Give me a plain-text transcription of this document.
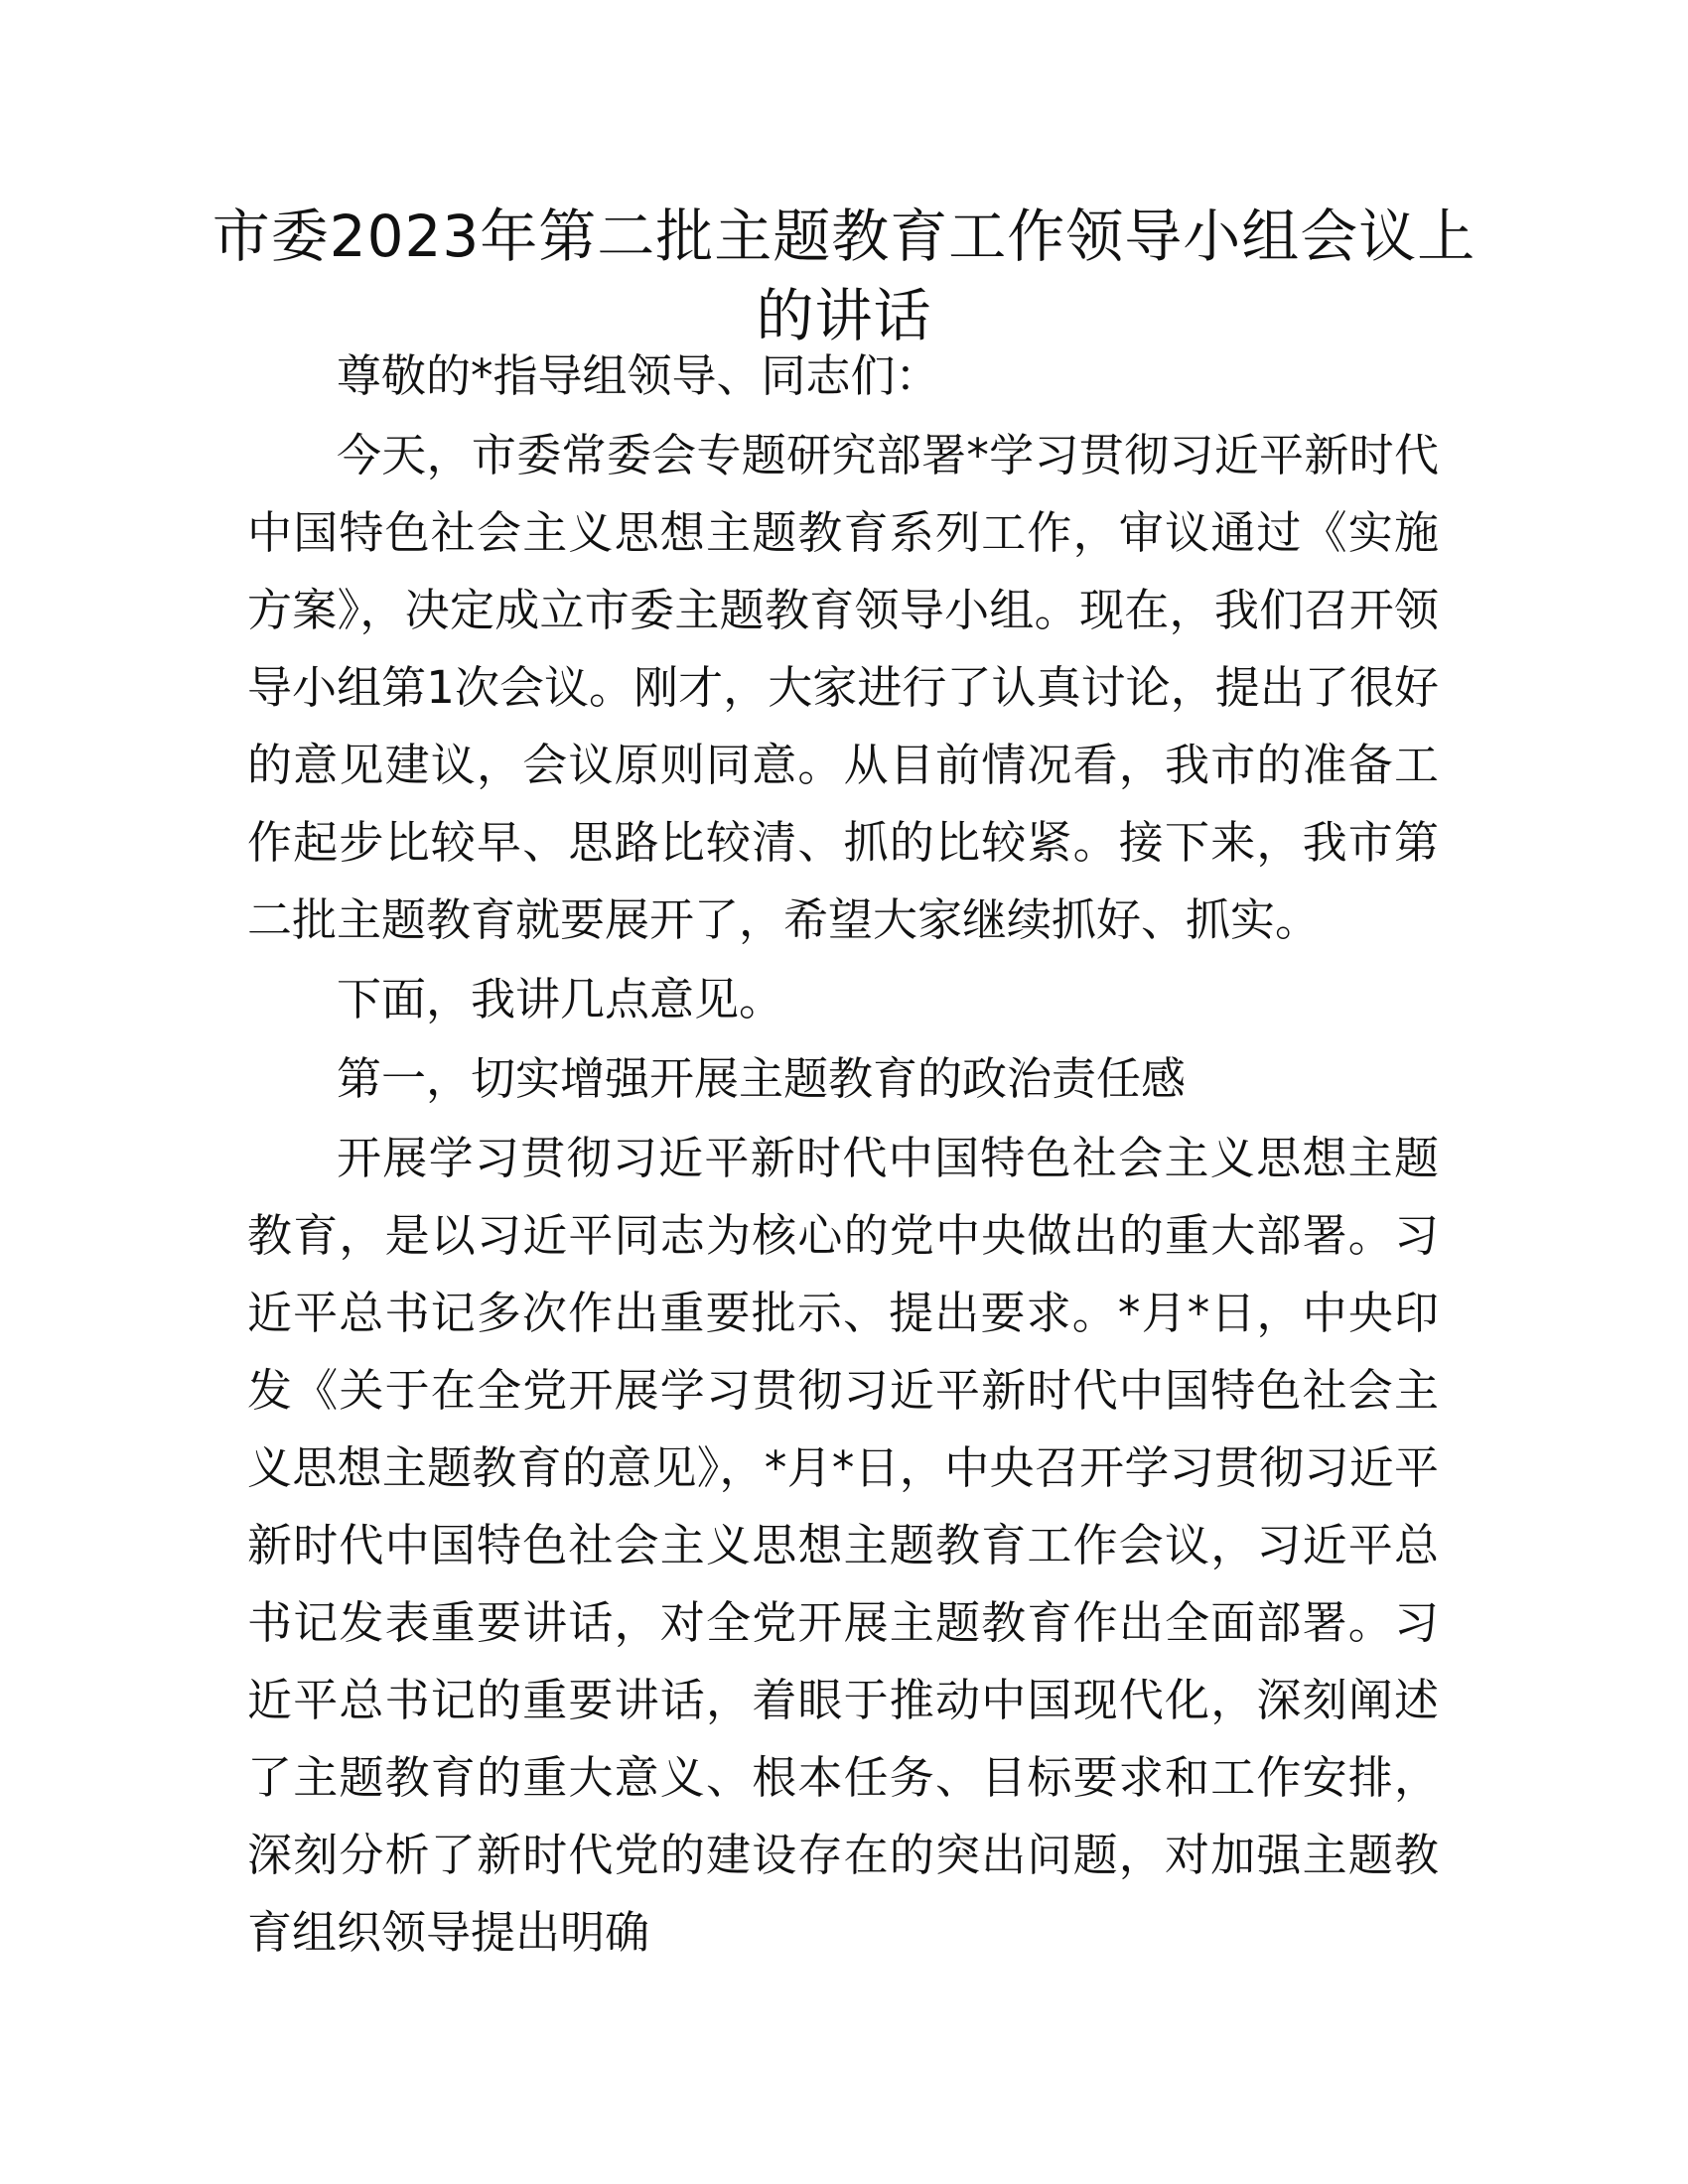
市委2023年第二批主题教育工作领导小组会议上的讲话

尊敬的*指导组领导、同志们：

今天，市委常委会专题研究部署*学习贯彻习近平新时代中国特色社会主义思想主题教育系列工作，审议通过《实施方案》，决定成立市委主题教育领导小组。现在，我们召开领导小组第1次会议。刚才，大家进行了认真讨论，提出了很好的意见建议，会议原则同意。从目前情况看，我市的准备工作起步比较早、思路比较清、抓的比较紧。接下来，我市第二批主题教育就要展开了，希望大家继续抓好、抓实。

下面，我讲几点意见。

第一，切实增强开展主题教育的政治责任感

开展学习贯彻习近平新时代中国特色社会主义思想主题教育，是以习近平同志为核心的党中央做出的重大部署。习近平总书记多次作出重要批示、提出要求。*月*日，中央印发《关于在全党开展学习贯彻习近平新时代中国特色社会主义思想主题教育的意见》，*月*日，中央召开学习贯彻习近平新时代中国特色社会主义思想主题教育工作会议，习近平总书记发表重要讲话，对全党开展主题教育作出全面部署。习近平总书记的重要讲话，着眼于推动中国现代化，深刻阐述了主题教育的重大意义、根本任务、目标要求和工作安排，深刻分析了新时代党的建设存在的突出问题，对加强主题教育组织领导提出明确
